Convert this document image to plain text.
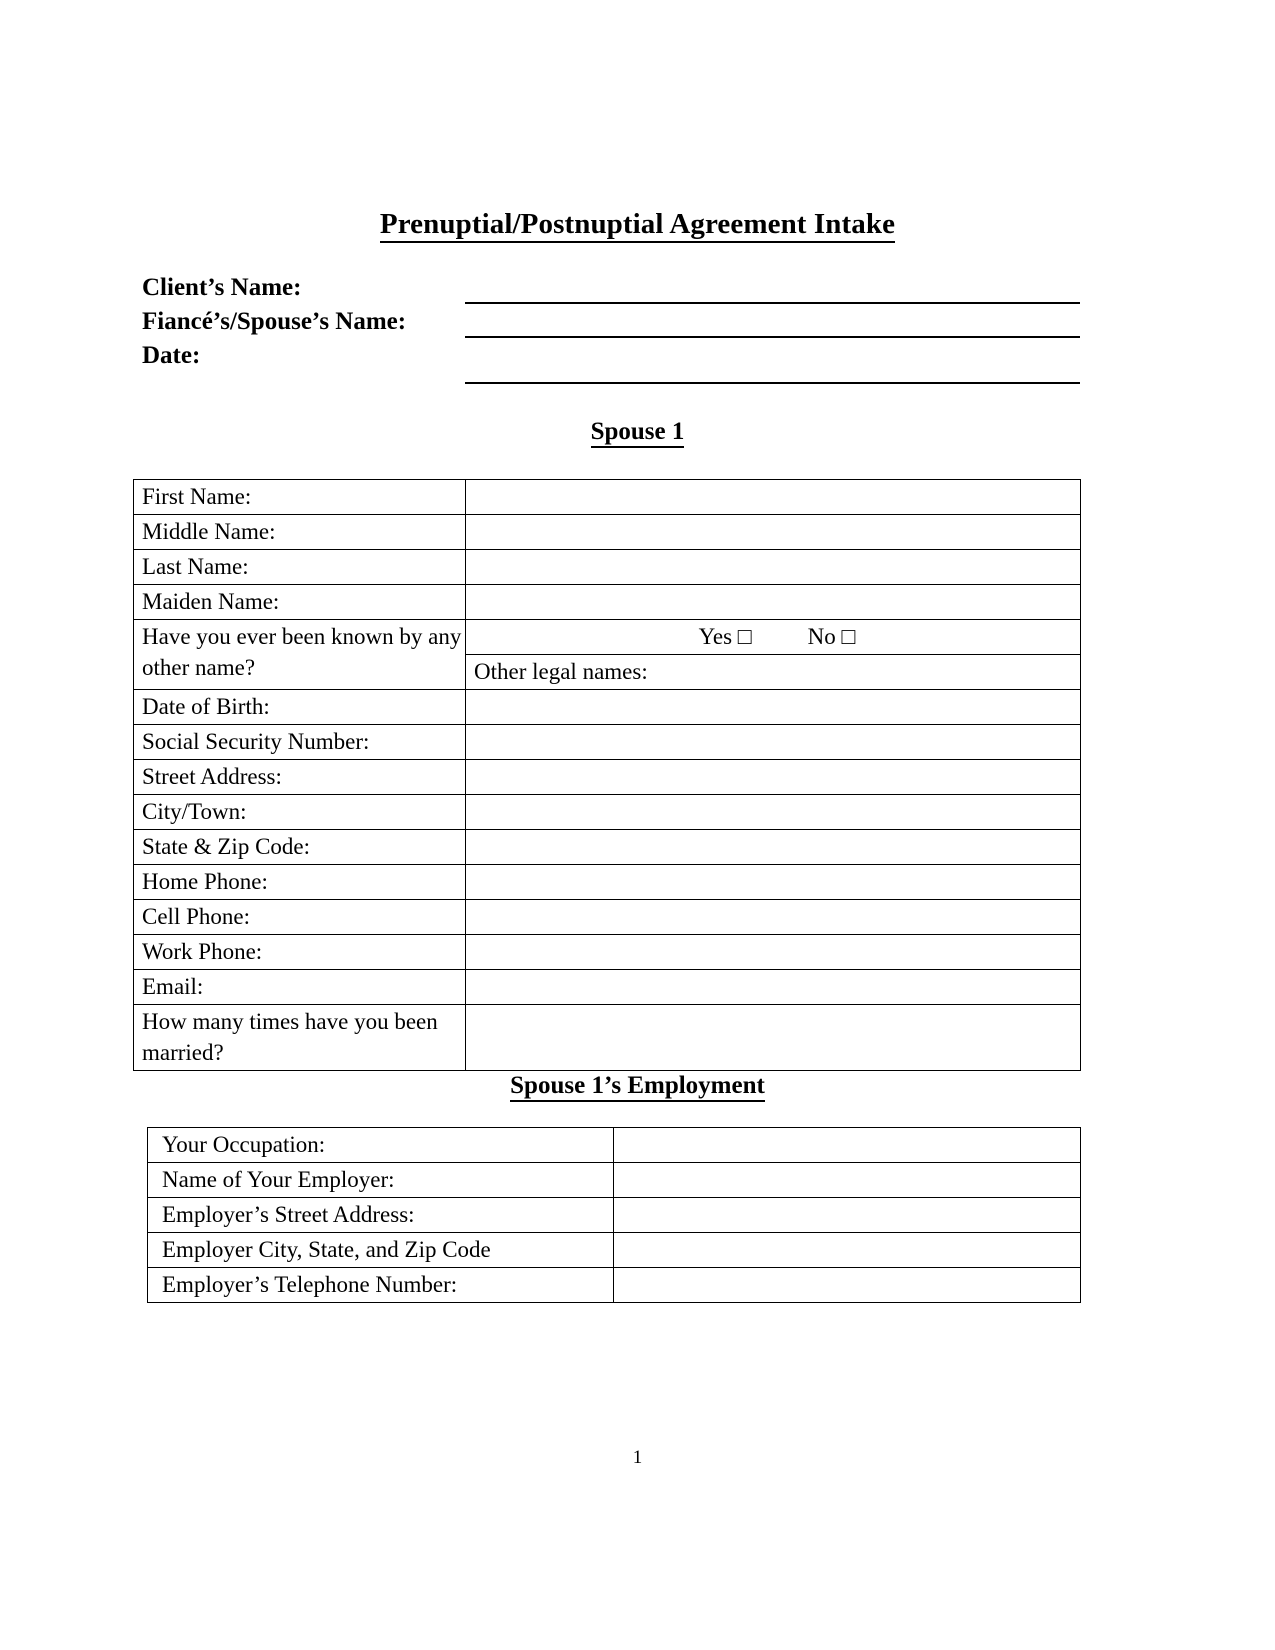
Prenuptial/Postnuptial Agreement Intake
Client’s Name:
Fiancé’s/Spouse’s Name:
Date:
Spouse 1
First Name:	
Middle Name:	
Last Name:	
Maiden Name:	
Have you ever been known by any other name?	Yes □ No □
	Other legal names:
Date of Birth:	
Social Security Number:	
Street Address:	
City/Town:	
State & Zip Code:	
Home Phone:	
Cell Phone:	
Work Phone:	
Email:	
How many times have you been married?	
Spouse 1’s Employment
Your Occupation:	
Name of Your Employer:	
Employer’s Street Address:	
Employer City, State, and Zip Code	
Employer’s Telephone Number:	
1
